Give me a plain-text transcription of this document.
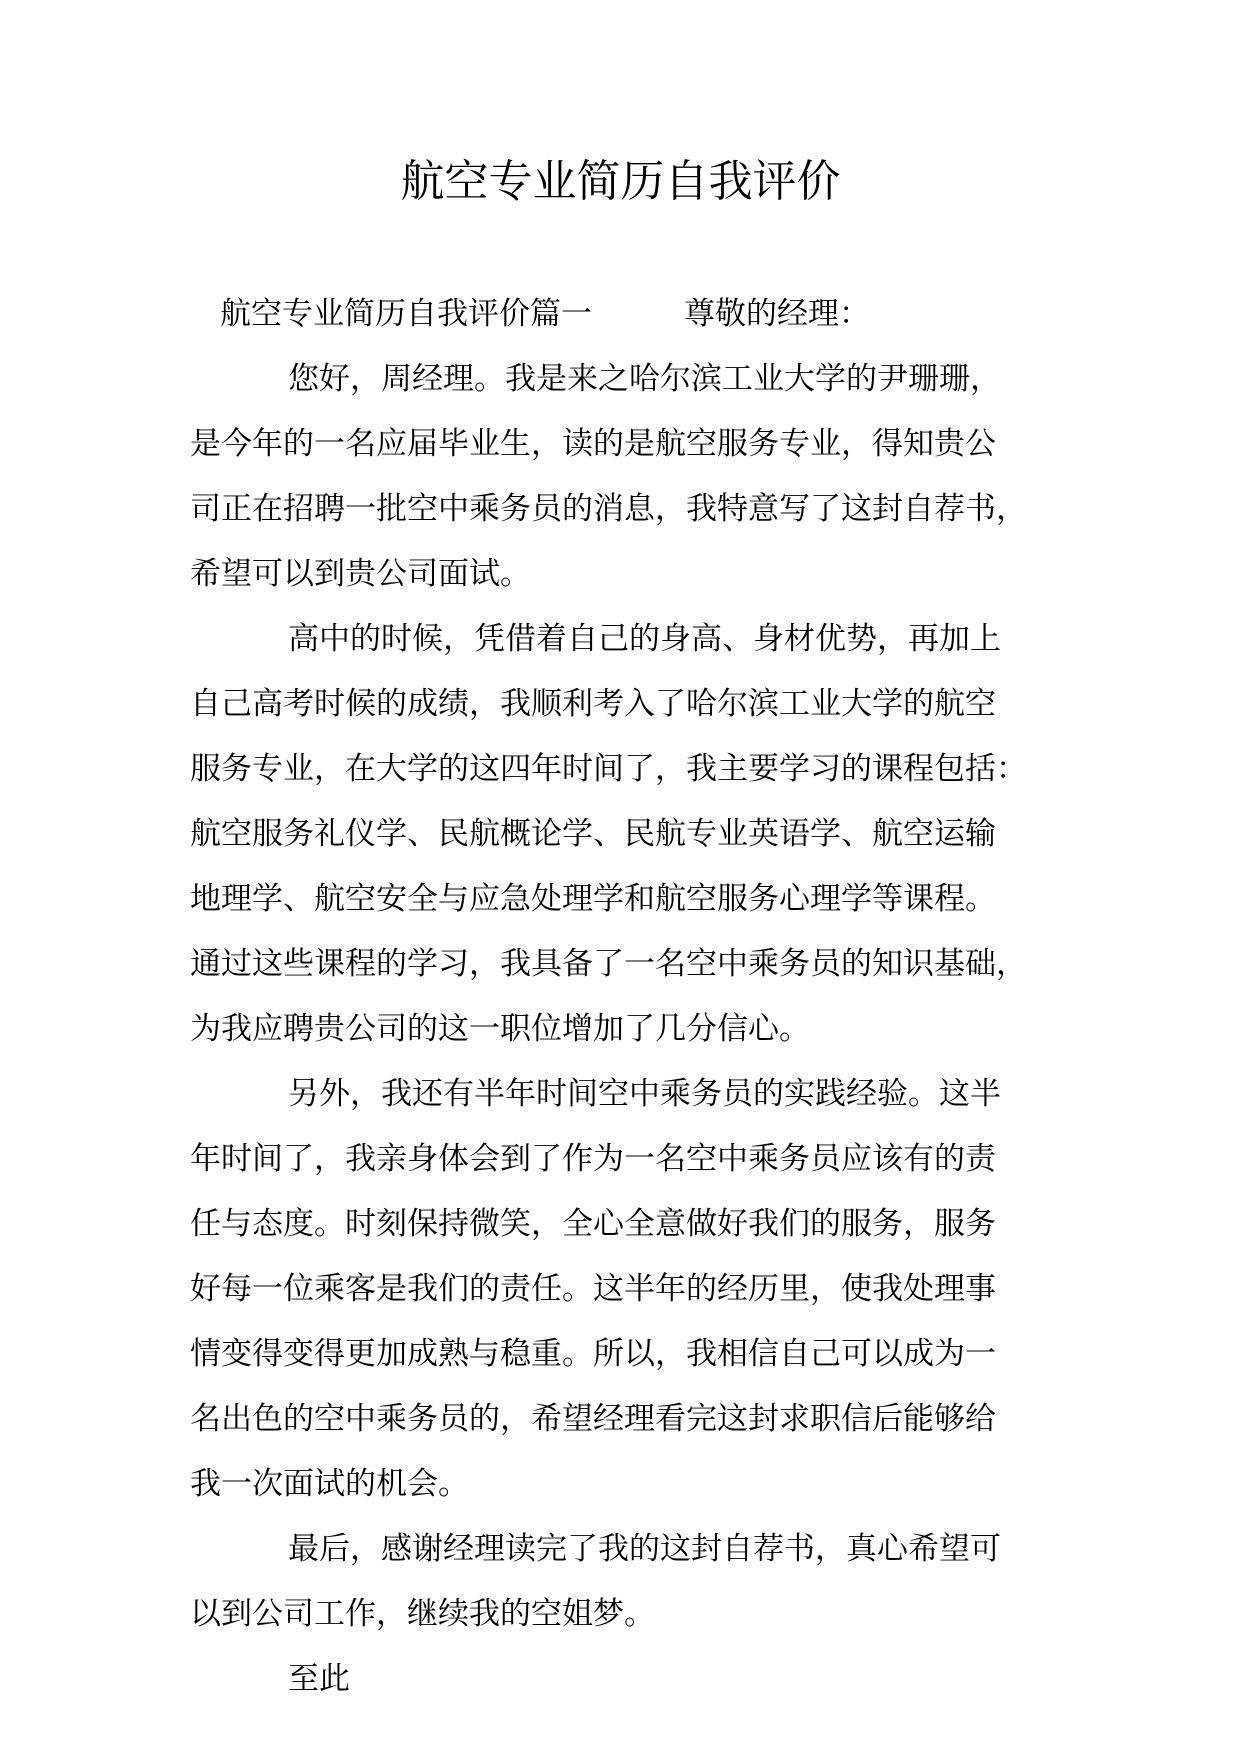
航空专业简历自我评价
航空专业简历自我评价篇一	尊敬的经理：
您好，周经理。我是来之哈尔滨工业大学的尹珊珊，
是今年的一名应届毕业生，读的是航空服务专业，得知贵公
司正在招聘一批空中乘务员的消息，我特意写了这封自荐书，
希望可以到贵公司面试。
高中的时候，凭借着自己的身高、身材优势，再加上
自己高考时候的成绩，我顺利考入了哈尔滨工业大学的航空
服务专业，在大学的这四年时间了，我主要学习的课程包括：
航空服务礼仪学、民航概论学、民航专业英语学、航空运输
地理学、航空安全与应急处理学和航空服务心理学等课程。
通过这些课程的学习，我具备了一名空中乘务员的知识基础，
为我应聘贵公司的这一职位增加了几分信心。
另外，我还有半年时间空中乘务员的实践经验。这半
年时间了，我亲身体会到了作为一名空中乘务员应该有的责
任与态度。时刻保持微笑，全心全意做好我们的服务，服务
好每一位乘客是我们的责任。这半年的经历里，使我处理事
情变得变得更加成熟与稳重。所以，我相信自己可以成为一
名出色的空中乘务员的，希望经理看完这封求职信后能够给
我一次面试的机会。
最后，感谢经理读完了我的这封自荐书，真心希望可
以到公司工作，继续我的空姐梦。
至此
